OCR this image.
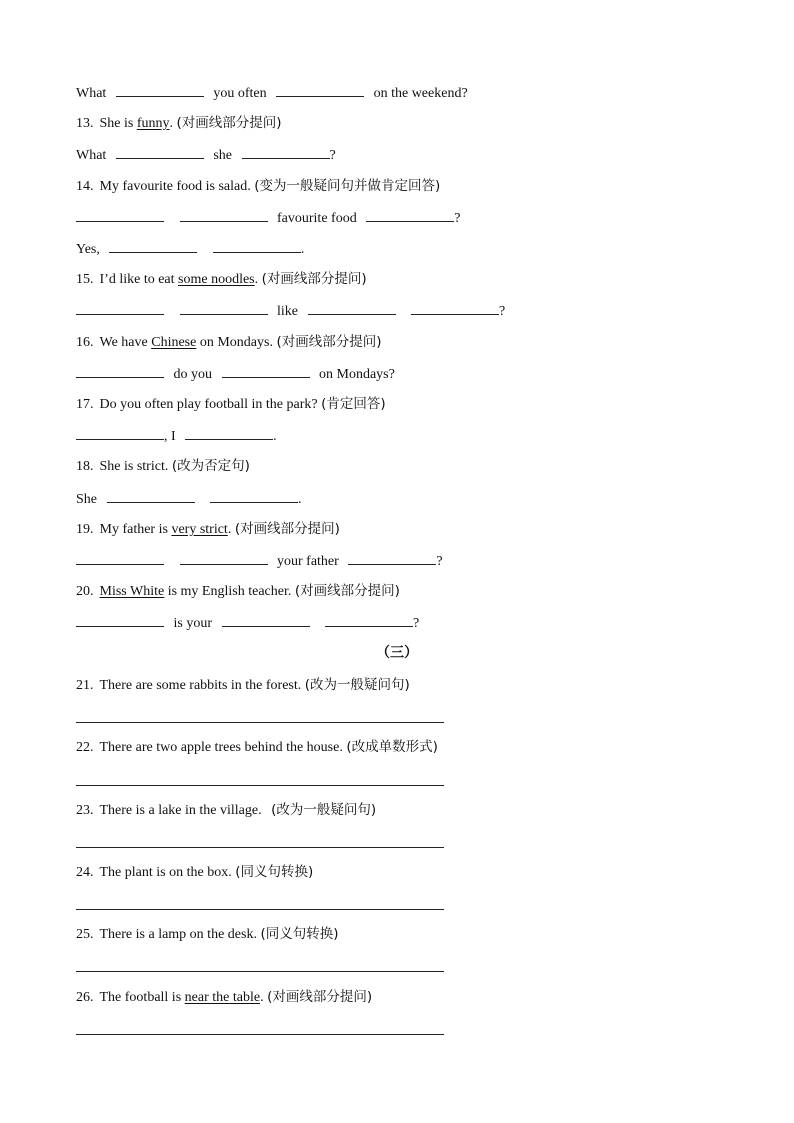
What	you often	on the weekend?
13. She is funny. (对画线部分提问)
What	she	?
14. My favourite food is salad. (变为一般疑问句并做肯定回答)
favourite food	?
Yes,	.
15. I’d like to eat some noodles. (对画线部分提问)
like	?
16. We have Chinese on Mondays. (对画线部分提问)
do you	on Mondays?
17. Do you often play football in the park? (肯定回答)
, I	.
18. She is strict. (改为否定句)
She	.
19. My father is very strict. (对画线部分提问)
your father	?
20. Miss White is my English teacher. (对画线部分提问)
is your	?
（三）
21. There are some rabbits in the forest. (改为一般疑问句)
22. There are two apple trees behind the house. (改成单数形式)
23. There is a lake in the village. (改为一般疑问句)
24. The plant is on the box. (同义句转换)
25. There is a lamp on the desk. (同义句转换)
26. The football is near the table. (对画线部分提问)
